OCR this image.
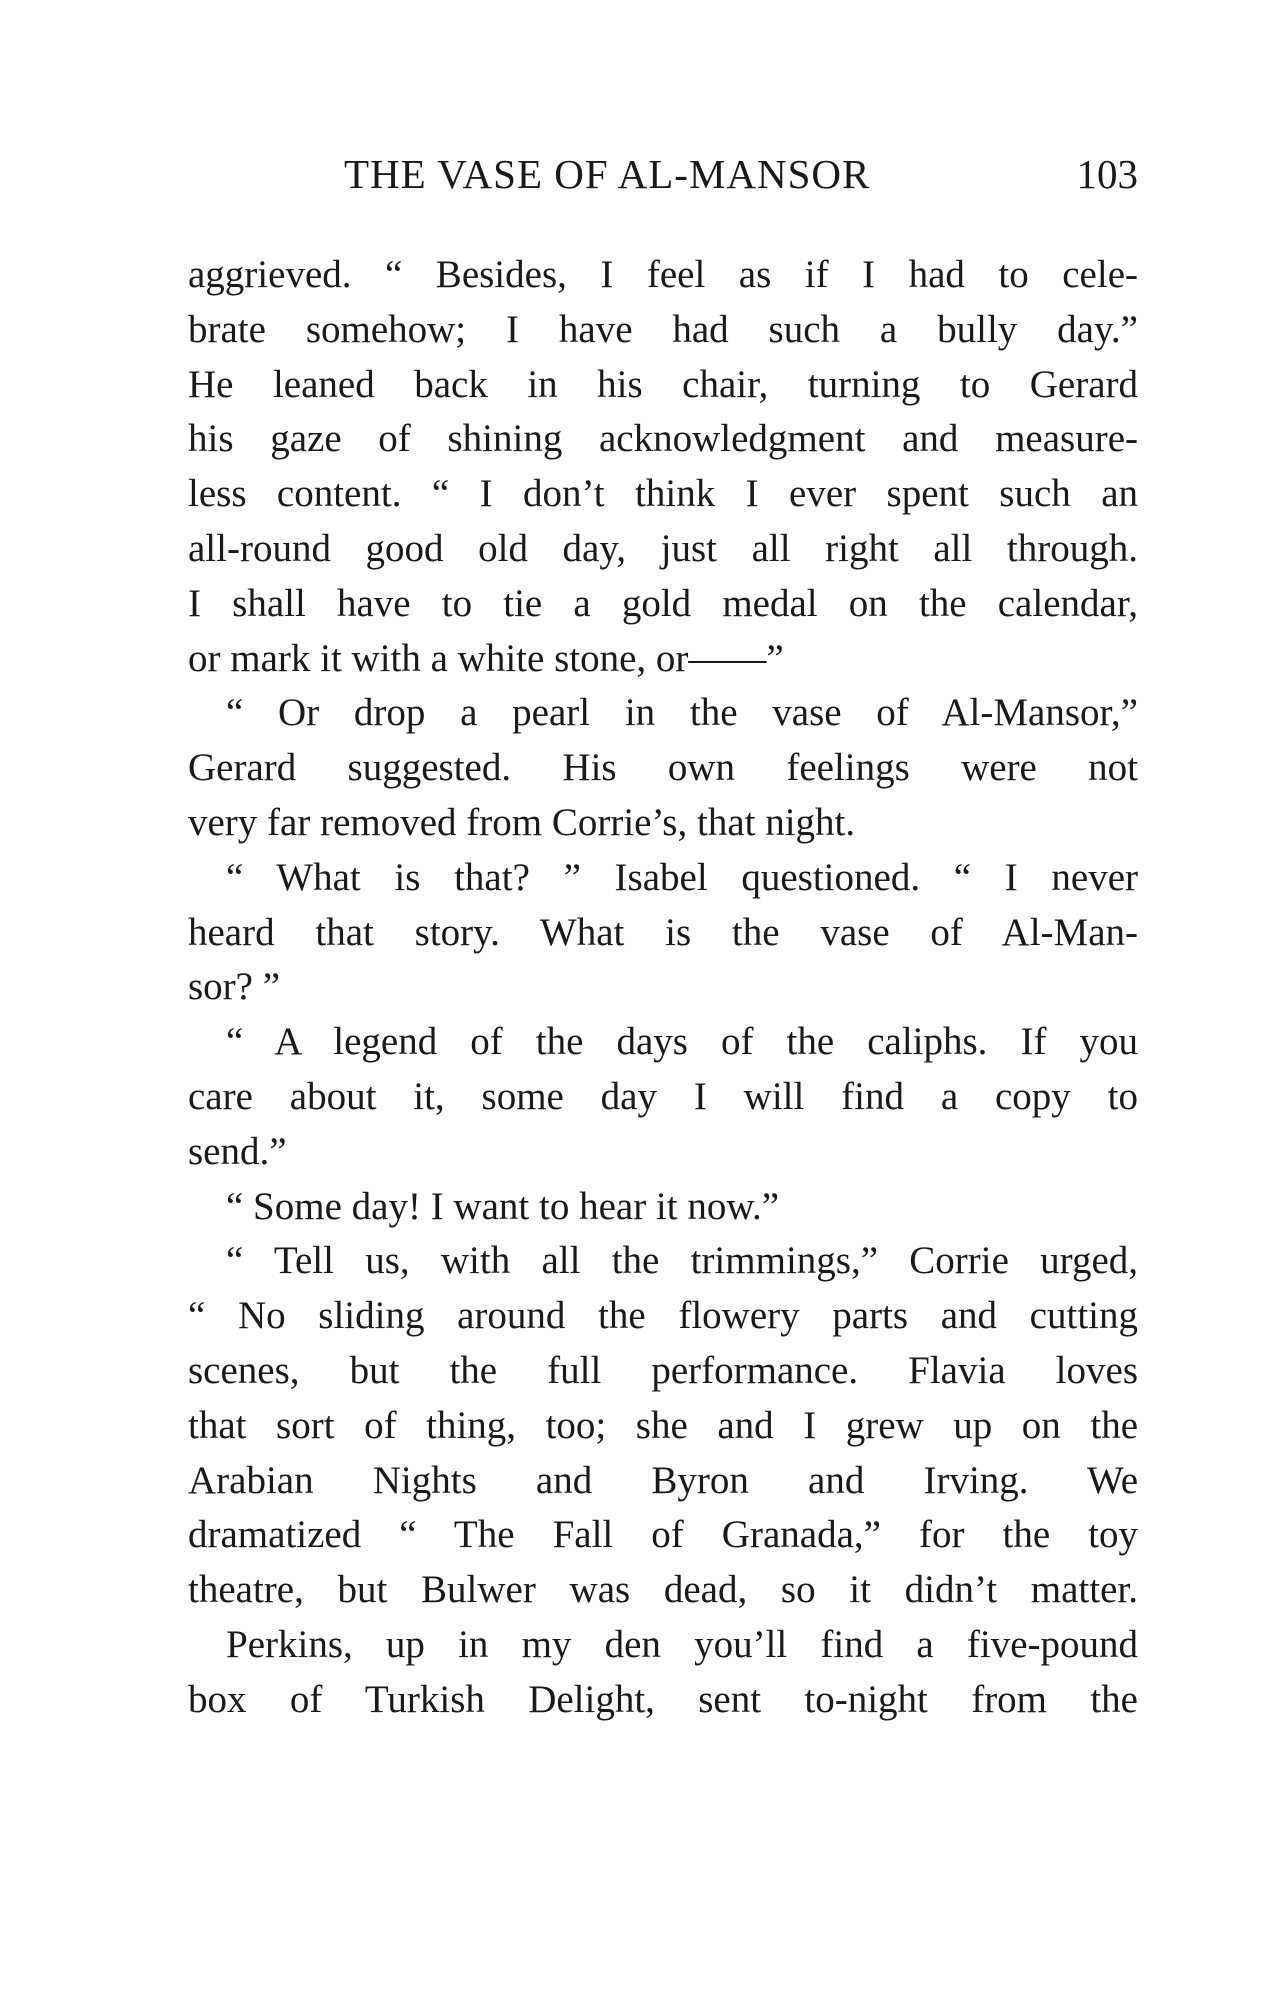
THE VASE OF AL-MANSOR	103
aggrieved. “ Besides, I feel as if I had to cele-
brate somehow; I have had such a bully day.”
He leaned back in his chair, turning to Gerard
his gaze of shining acknowledgment and measure-
less content. “ I don’t think I ever spent such an
all-round good old day, just all right all through.
I shall have to tie a gold medal on the calendar,
or mark it with a white stone, or——”
“ Or drop a pearl in the vase of Al-Mansor,”
Gerard suggested. His own feelings were not
very far removed from Corrie’s, that night.
“ What is that? ” Isabel questioned. “ I never
heard that story. What is the vase of Al-Man-
sor? ”
“ A legend of the days of the caliphs. If you
care about it, some day I will find a copy to
send.”
“ Some day! I want to hear it now.”
“ Tell us, with all the trimmings,” Corrie urged,
“ No sliding around the flowery parts and cutting
scenes, but the full performance. Flavia loves
that sort of thing, too; she and I grew up on the
Arabian Nights and Byron and Irving. We
dramatized “ The Fall of Granada,” for the toy
theatre, but Bulwer was dead, so it didn’t matter.
Perkins, up in my den you’ll find a five-pound
box of Turkish Delight, sent to-night from the
